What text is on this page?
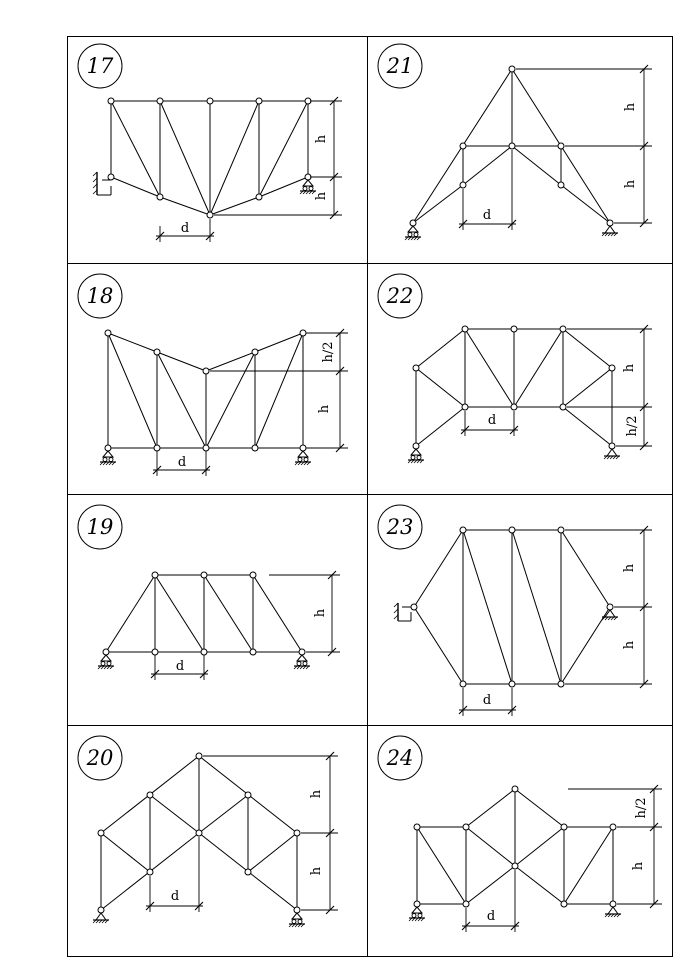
17
d
h
h
18
d
h/2
h
19
d
h
20
d
h
h
21
d
h
h
22
d
h
h/2
23
d
h
h
24
d
h/2
h
